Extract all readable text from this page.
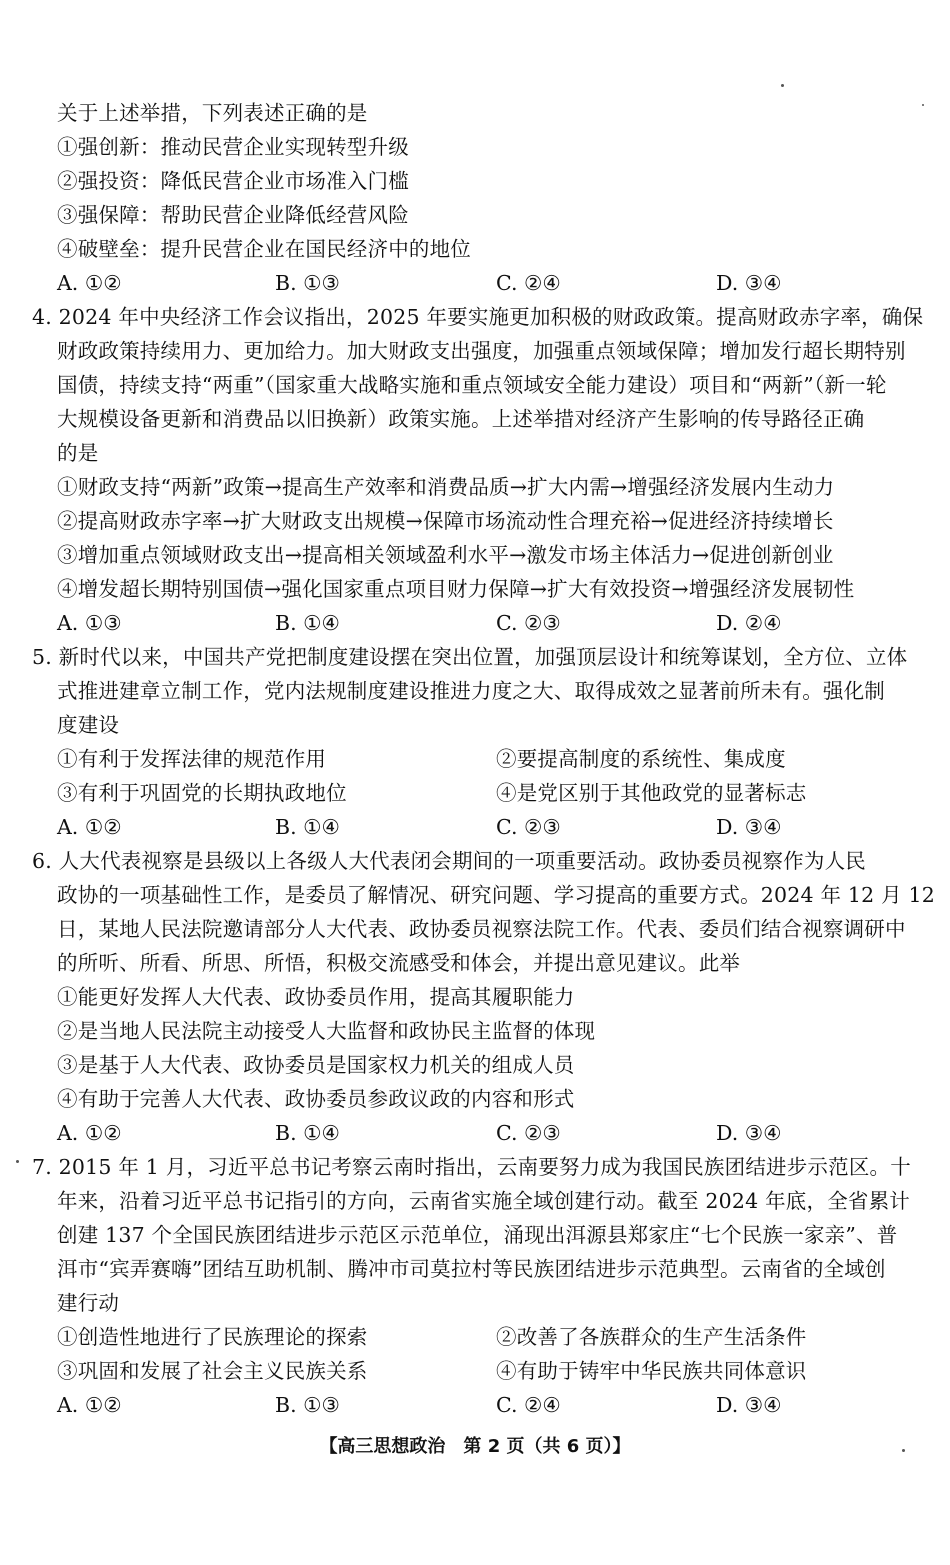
关于上述举措，下列表述正确的是
①强创新：推动民营企业实现转型升级
②强投资：降低民营企业市场准入门槛
③强保障：帮助民营企业降低经营风险
④破壁垒：提升民营企业在国民经济中的地位
A. ①②	B. ①③	C. ②④	D. ③④
4. 2024 年中央经济工作会议指出，2025 年要实施更加积极的财政政策。提高财政赤字率，确保
财政政策持续用力、更加给力。加大财政支出强度，加强重点领域保障；增加发行超长期特别
国债，持续支持“两重”（国家重大战略实施和重点领域安全能力建设）项目和“两新”（新一轮
大规模设备更新和消费品以旧换新）政策实施。上述举措对经济产生影响的传导路径正确
的是
①财政支持“两新”政策→提高生产效率和消费品质→扩大内需→增强经济发展内生动力
②提高财政赤字率→扩大财政支出规模→保障市场流动性合理充裕→促进经济持续增长
③增加重点领域财政支出→提高相关领域盈利水平→激发市场主体活力→促进创新创业
④增发超长期特别国债→强化国家重点项目财力保障→扩大有效投资→增强经济发展韧性
A. ①③	B. ①④	C. ②③	D. ②④
5. 新时代以来，中国共产党把制度建设摆在突出位置，加强顶层设计和统筹谋划，全方位、立体
式推进建章立制工作，党内法规制度建设推进力度之大、取得成效之显著前所未有。强化制
度建设
①有利于发挥法律的规范作用	②要提高制度的系统性、集成度
③有利于巩固党的长期执政地位	④是党区别于其他政党的显著标志
A. ①②	B. ①④	C. ②③	D. ③④
6. 人大代表视察是县级以上各级人大代表闭会期间的一项重要活动。政协委员视察作为人民
政协的一项基础性工作，是委员了解情况、研究问题、学习提高的重要方式。2024 年 12 月 12
日，某地人民法院邀请部分人大代表、政协委员视察法院工作。代表、委员们结合视察调研中
的所听、所看、所思、所悟，积极交流感受和体会，并提出意见建议。此举
①能更好发挥人大代表、政协委员作用，提高其履职能力
②是当地人民法院主动接受人大监督和政协民主监督的体现
③是基于人大代表、政协委员是国家权力机关的组成人员
④有助于完善人大代表、政协委员参政议政的内容和形式
A. ①②	B. ①④	C. ②③	D. ③④
7. 2015 年 1 月，习近平总书记考察云南时指出，云南要努力成为我国民族团结进步示范区。十
年来，沿着习近平总书记指引的方向，云南省实施全域创建行动。截至 2024 年底，全省累计
创建 137 个全国民族团结进步示范区示范单位，涌现出洱源县郑家庄“七个民族一家亲”、普
洱市“宾弄赛嗨”团结互助机制、腾冲市司莫拉村等民族团结进步示范典型。云南省的全域创
建行动
①创造性地进行了民族理论的探索	②改善了各族群众的生产生活条件
③巩固和发展了社会主义民族关系	④有助于铸牢中华民族共同体意识
A. ①②	B. ①③	C. ②④	D. ③④
【高三思想政治　第 2 页（共 6 页）】
